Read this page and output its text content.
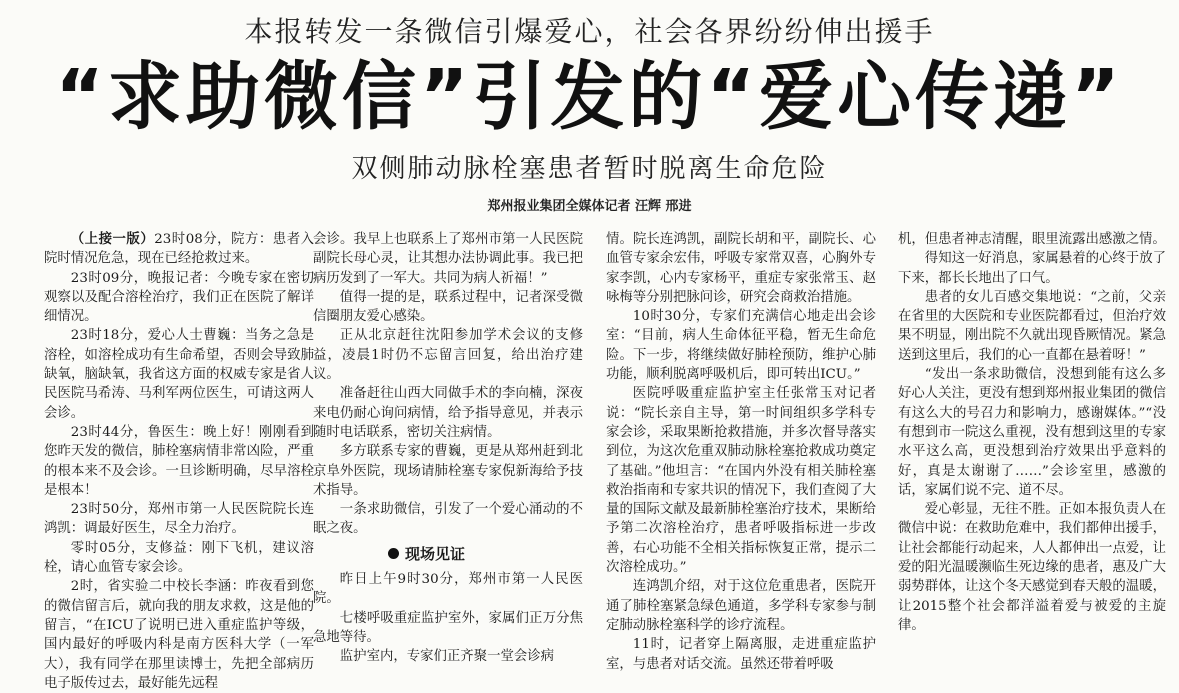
本报转发一条微信引爆爱心，社会各界纷纷伸出援手
“求助微信”引发的“爱心传递”
双侧肺动脉栓塞患者暂时脱离生命危险
郑州报业集团全媒体记者 汪辉 邢进

（上接一版）23时08分，院方：患者入院时情况危急，现在已经抢救过来。

23时09分，晚报记者：今晚专家在密切观察以及配合溶栓治疗，我们正在医院了解详细情况。

23时18分，爱心人士曹巍：当务之急是溶栓，如溶栓成功有生命希望，否则会导致肺缺氧，脑缺氧，我省这方面的权威专家是省人民医院马希涛、马利军两位医生，可请这两人会诊。

23时44分，鲁医生：晚上好！刚刚看到您昨天发的微信，肺栓塞病情非常凶险，严重的根本来不及会诊。一旦诊断明确，尽早溶栓是根本！

23时50分，郑州市第一人民医院院长连鸿凯：调最好医生，尽全力治疗。

零时05分，支修益：刚下飞机，建议溶栓，请心血管专家会诊。

2时，省实验二中校长李涵：昨夜看到您的微信留言后，就向我的朋友求救，这是他的留言，“在ICU了说明已进入重症监护等级，国内最好的呼吸内科是南方医科大学（一军大），我有同学在那里读博士，先把全部病历电子版传过去，最好能先远程

会诊。我早上也联系上了郑州市第一人民医院副院长母心灵，让其想办法协调此事。我已把病历发到了一军大。共同为病人祈福！”

值得一提的是，联系过程中，记者深受微信圈朋友爱心感染。

正从北京赶往沈阳参加学术会议的支修益，凌晨1时仍不忘留言回复，给出治疗建议。

准备赶往山西大同做手术的李向楠，深夜来电仍耐心询问病情，给予指导意见，并表示随时电话联系，密切关注病情。

多方联系专家的曹巍，更是从郑州赶到北京阜外医院，现场请肺栓塞专家倪新海给予技术指导。

一条求助微信，引发了一个爱心涌动的不眠之夜。

现场见证

昨日上午9时30分，郑州市第一人民医院。

七楼呼吸重症监护室外，家属们正万分焦急地等待。

监护室内，专家们正齐聚一堂会诊病

情。院长连鸿凯，副院长胡和平，副院长、心血管专家余宏伟，呼吸专家常双喜，心胸外专家李凯，心内专家杨平，重症专家张常玉、赵咏梅等分别把脉问诊，研究会商救治措施。

10时30分，专家们充满信心地走出会诊室：“目前，病人生命体征平稳，暂无生命危险。下一步，将继续做好肺栓预防，维护心肺功能，顺利脱离呼吸机后，即可转出ICU。”

医院呼吸重症监护室主任张常玉对记者说：“院长亲自主导，第一时间组织多学科专家会诊，采取果断抢救措施，并多次督导落实到位，为这次危重双肺动脉栓塞抢救成功奠定了基础。”他坦言：“在国内外没有相关肺栓塞救治指南和专家共识的情况下，我们查阅了大量的国际文献及最新肺栓塞治疗技术，果断给予第二次溶栓治疗，患者呼吸指标进一步改善，右心功能不全相关指标恢复正常，提示二次溶栓成功。”

连鸿凯介绍，对于这位危重患者，医院开通了肺栓塞紧急绿色通道，多学科专家参与制定肺动脉栓塞科学的诊疗流程。

11时，记者穿上隔离服，走进重症监护室，与患者对话交流。虽然还带着呼吸

机，但患者神志清醒，眼里流露出感激之情。

得知这一好消息，家属悬着的心终于放了下来，都长长地出了口气。

患者的女儿百感交集地说：“之前，父亲在省里的大医院和专业医院都看过，但治疗效果不明显，刚出院不久就出现昏厥情况。紧急送到这里后，我们的心一直都在悬着呀！”

“发出一条求助微信，没想到能有这么多好心人关注，更没有想到郑州报业集团的微信有这么大的号召力和影响力，感谢媒体。”“没有想到市一院这么重视，没有想到这里的专家水平这么高，更没想到治疗效果出乎意料的好，真是太谢谢了……”会诊室里，感激的话，家属们说不完、道不尽。

爱心彰显，无往不胜。正如本报负责人在微信中说：在救助危难中，我们都伸出援手，让社会都能行动起来，人人都伸出一点爱，让爱的阳光温暖濒临生死边缘的患者，惠及广大弱势群体，让这个冬天感觉到春天般的温暖，让2015整个社会都洋溢着爱与被爱的主旋律。
